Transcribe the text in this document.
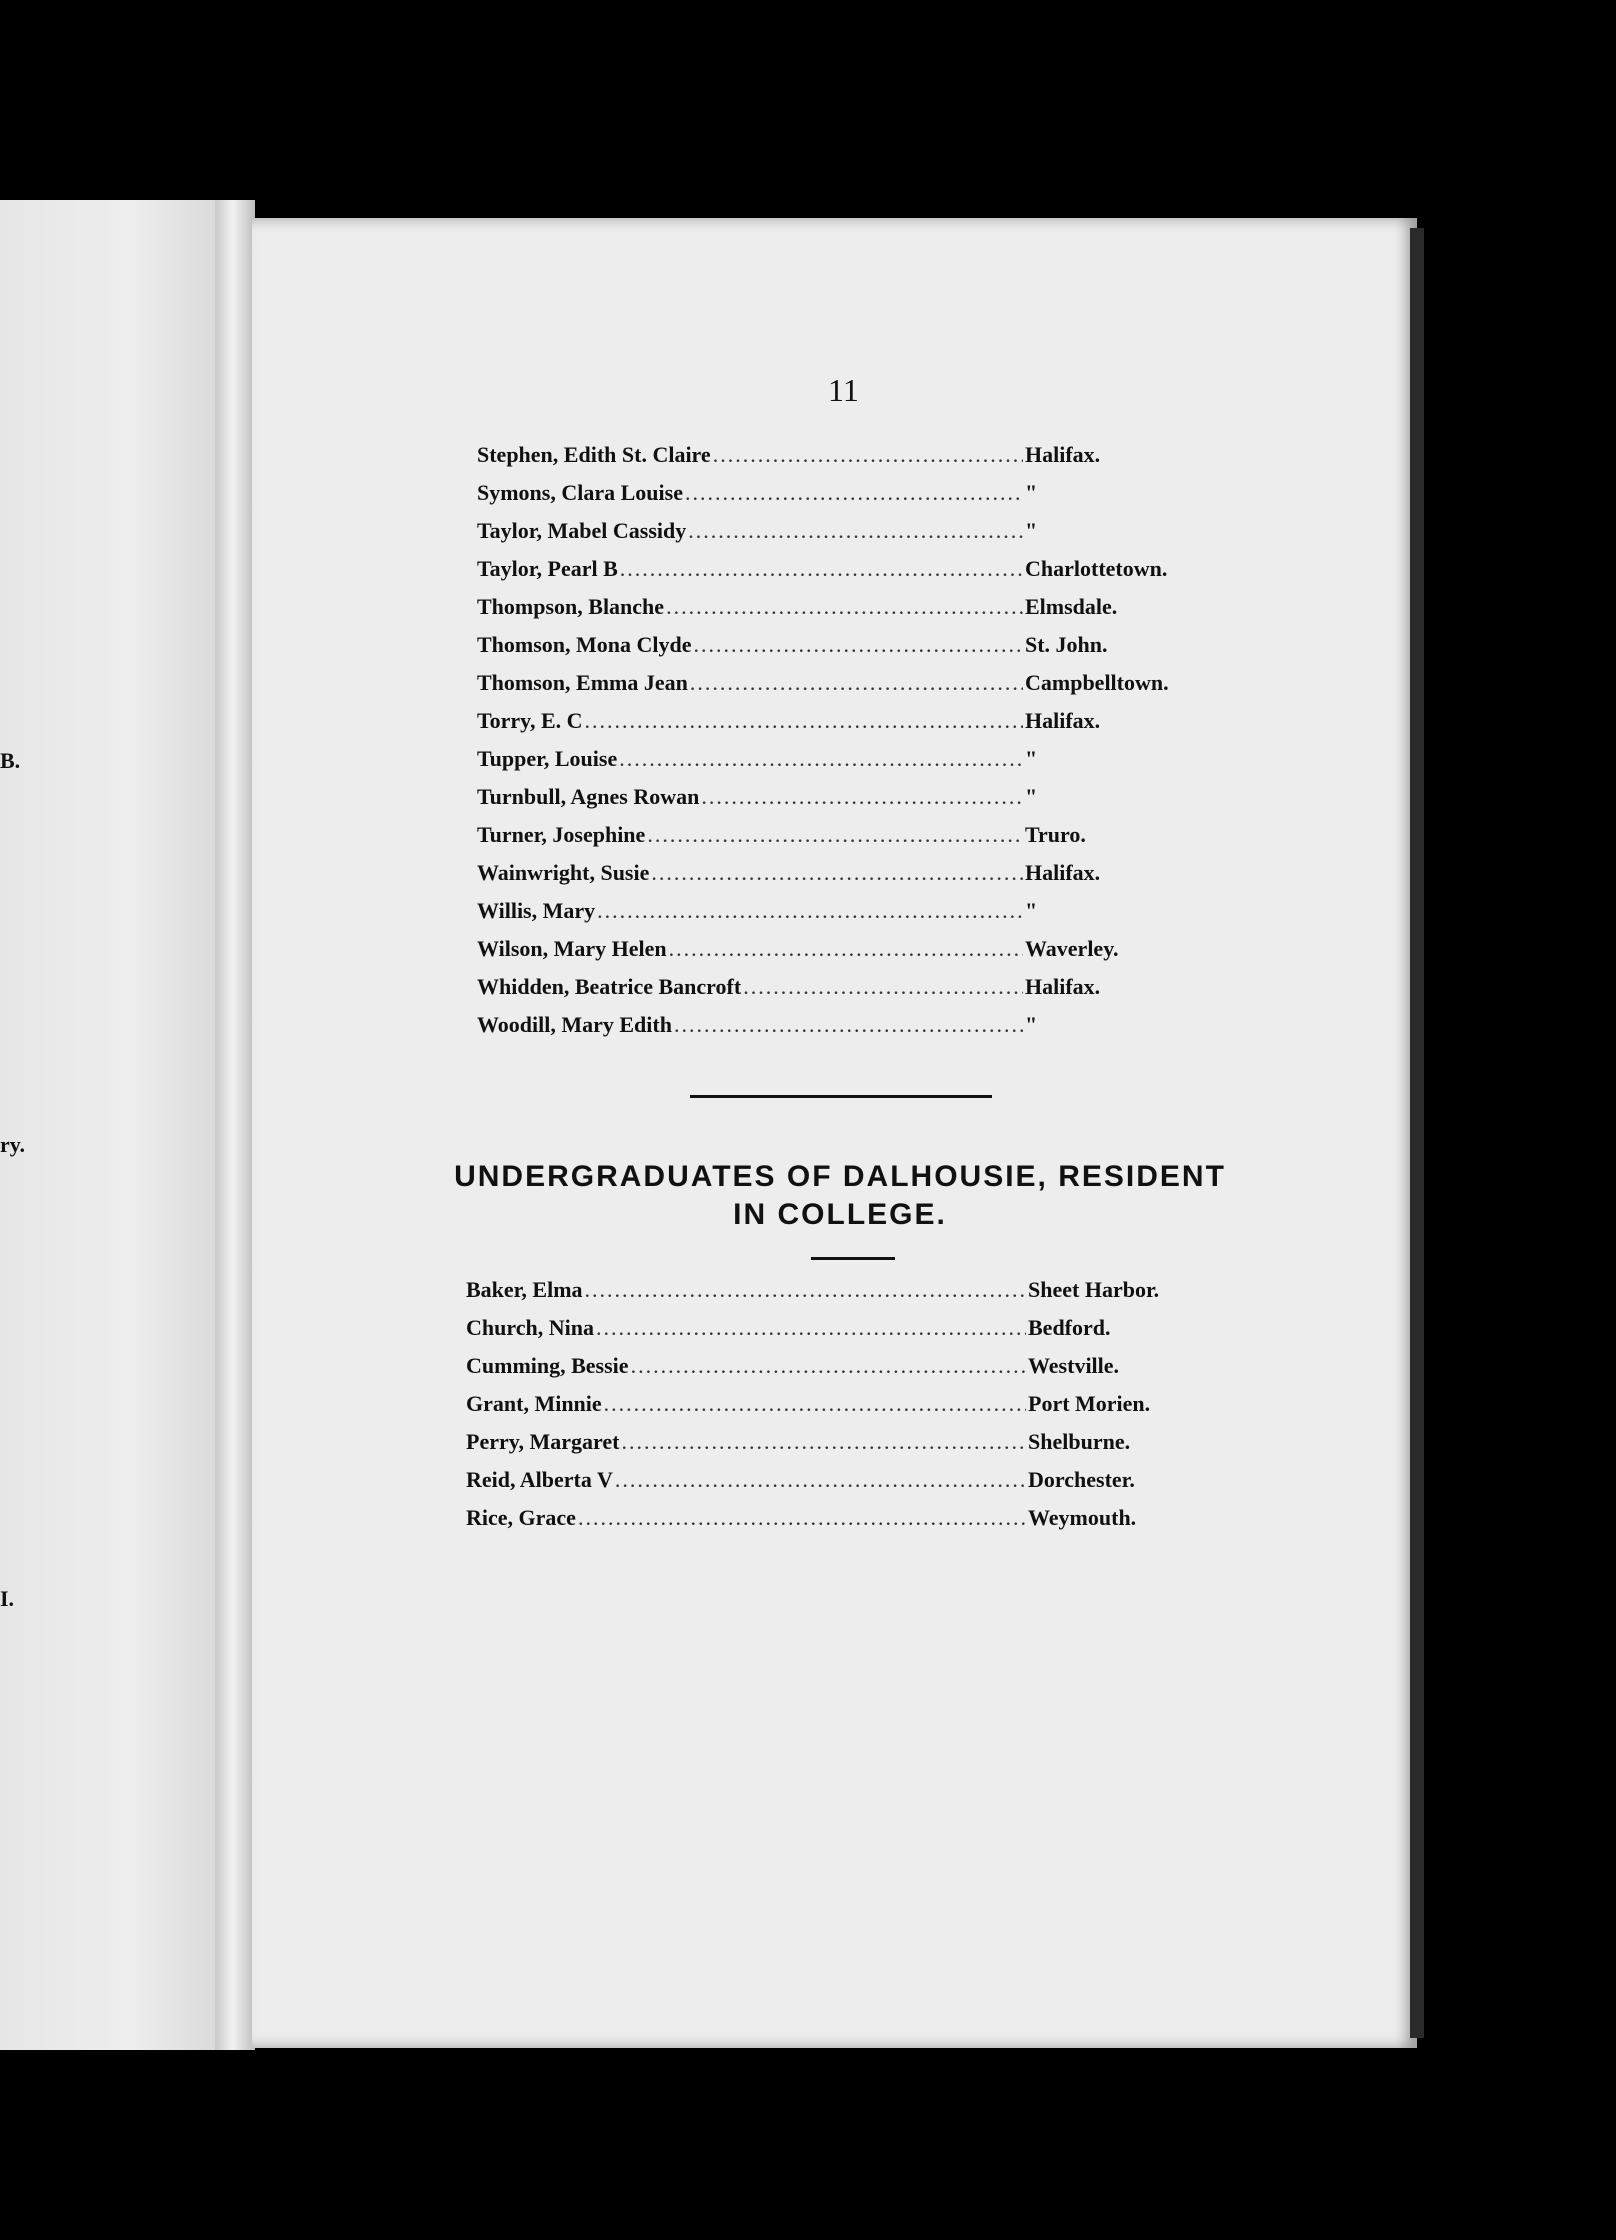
B.
ry.
I.
11
Stephen, Edith St. Claire .....	Halifax.
Symons, Clara Louise .....	"
Taylor, Mabel Cassidy .....	"
Taylor, Pearl B .....	Charlottetown.
Thompson, Blanche .....	Elmsdale.
Thomson, Mona Clyde .....	St. John.
Thomson, Emma Jean .....	Campbelltown.
Torry, E. C .....	Halifax.
Tupper, Louise .....	"
Turnbull, Agnes Rowan .....	"
Turner, Josephine .....	Truro.
Wainwright, Susie .....	Halifax.
Willis, Mary .....	"
Wilson, Mary Helen .....	Waverley.
Whidden, Beatrice Bancroft .....	Halifax.
Woodill, Mary Edith .....	"
UNDERGRADUATES OF DALHOUSIE, RESIDENT
IN COLLEGE.
Baker, Elma .....	Sheet Harbor.
Church, Nina .....	Bedford.
Cumming, Bessie .....	Westville.
Grant, Minnie .....	Port Morien.
Perry, Margaret .....	Shelburne.
Reid, Alberta V .....	Dorchester.
Rice, Grace .....	Weymouth.
